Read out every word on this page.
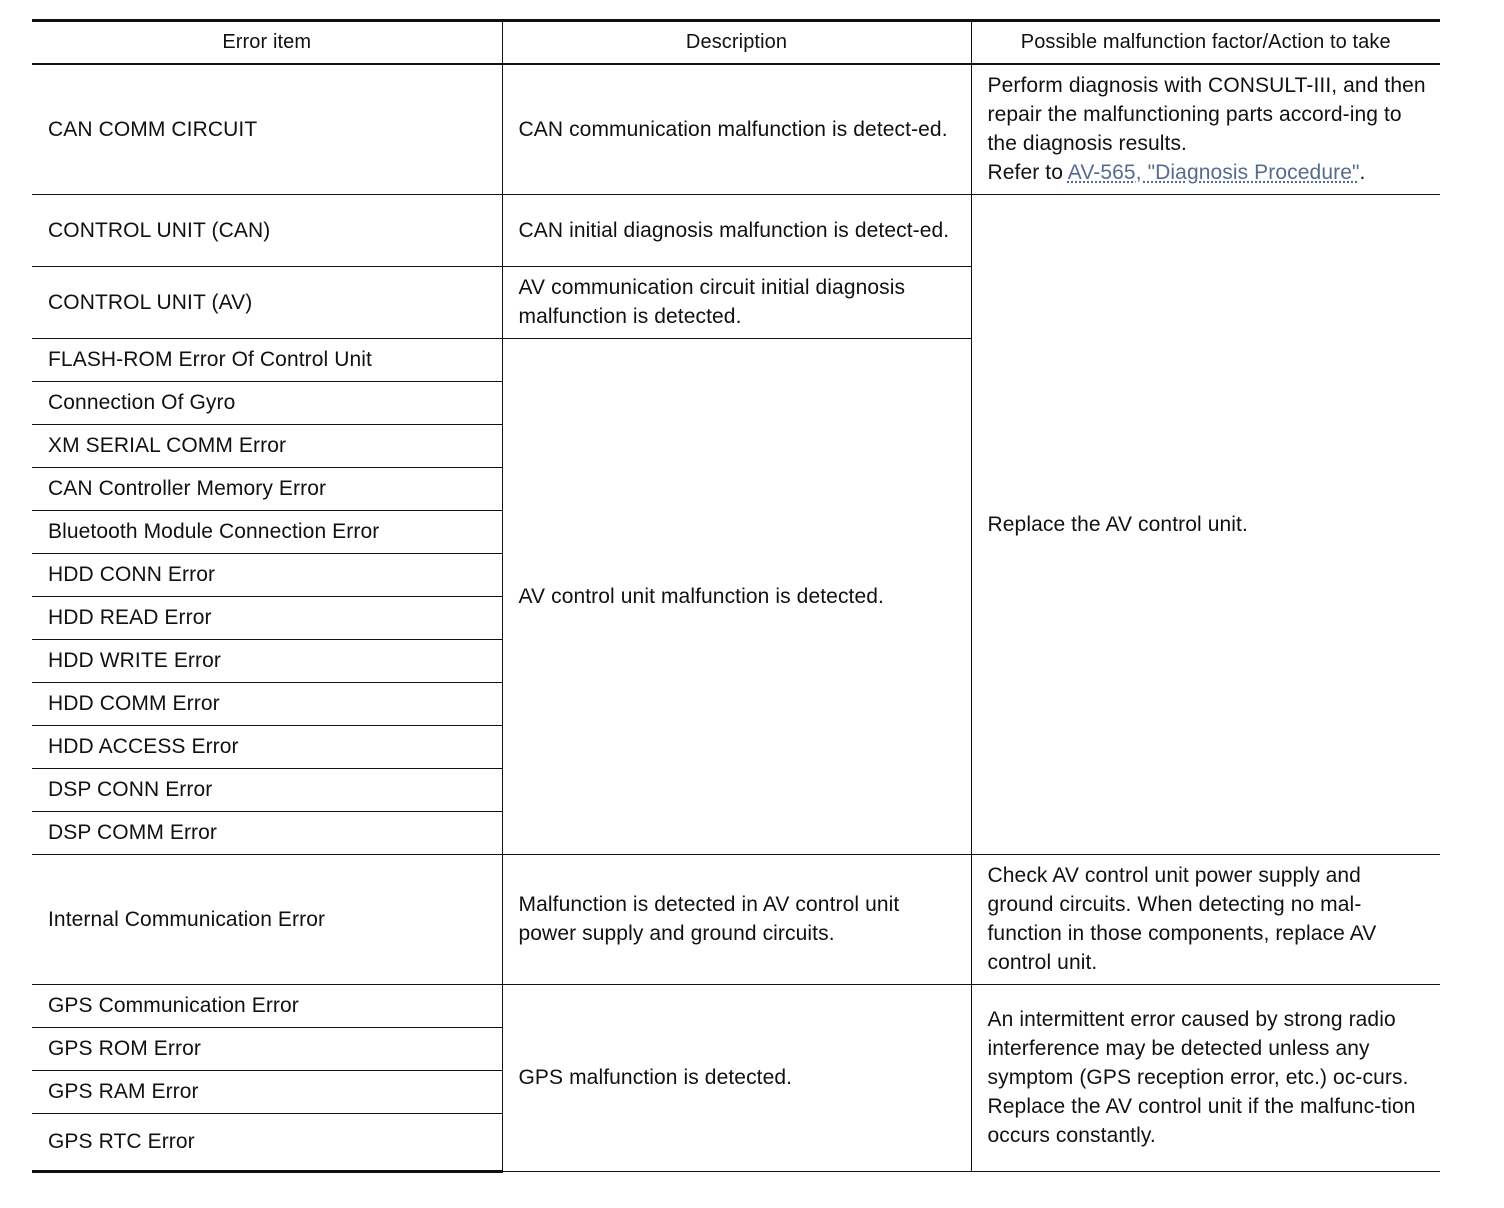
Error item	Description	Possible malfunction factor/Action to take
CAN COMM CIRCUIT	CAN communication malfunction is detect-ed.	Perform diagnosis with CONSULT-III, and then repair the malfunctioning parts accord-ing to the diagnosis results.
Refer to AV-565, "Diagnosis Procedure".
CONTROL UNIT (CAN)	CAN initial diagnosis malfunction is detect-ed.	Replace the AV control unit.
CONTROL UNIT (AV)	AV communication circuit initial diagnosis malfunction is detected.	
FLASH-ROM Error Of Control Unit	AV control unit malfunction is detected.	
Connection Of Gyro		
XM SERIAL COMM Error		
CAN Controller Memory Error		
Bluetooth Module Connection Error		
HDD CONN Error		
HDD READ Error		
HDD WRITE Error		
HDD COMM Error		
HDD ACCESS Error		
DSP CONN Error		
DSP COMM Error		
Internal Communication Error	Malfunction is detected in AV control unit power supply and ground circuits.	Check AV control unit power supply and ground circuits. When detecting no mal-function in those components, replace AV control unit.
GPS Communication Error	GPS malfunction is detected.	An intermittent error caused by strong radio interference may be detected unless any symptom (GPS reception error, etc.) oc-curs. Replace the AV control unit if the malfunc-tion occurs constantly.
GPS ROM Error		
GPS RAM Error		
GPS RTC Error		
